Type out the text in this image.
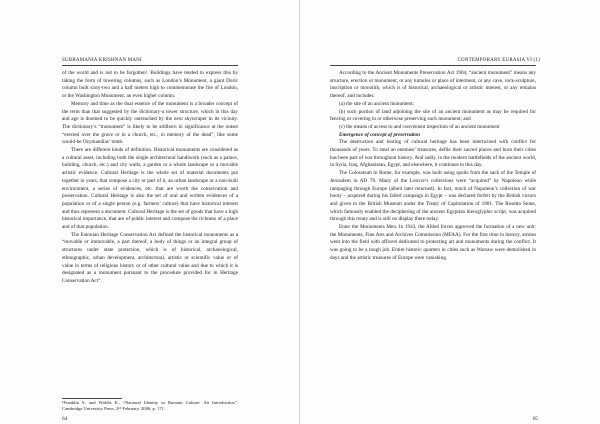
SUBRAMANIA KRISHNAN MANI

of the world and is not to be forgotten¹. Buildings have tended to express this by taking the form of towering columns, such as London’s Monument, a giant Doric column built sixty-two and a half meters high to commemorate the fire of London, or the Washington Monument, an even higher column.

Memory and time as the dual essence of the monument is a broader concept of the term than that suggested by the dictionary-a tower structure, which in this day and age is doomed to be quickly outreached by the next skyscraper in its vicinity. The dictionary’s “monument” is likely to be stillborn in significance at the outset “erected over the grave or in a church, etc., in memory of the dead”, like some would-be Ozymandias’ tomb.

There are different kinds of definition. Historical monuments are considered as a cultural asset, including both the single architectural handiwork (such as a palace, building, church, etc.) and city walls, a garden or a whole landscape or a movable artistic evidence. Cultural Heritage is the whole set of material documents put together in years, that compose a city or part of it, an urban landscape or a non-built environment, a series of evidences, etc. that are worth the conservation and preservation. Cultural Heritage is also the set of oral and written evidences of a population or of a single person (e.g. farmers’ culture) that have historical interest and thus represent a document. Cultural Heritage is the set of goods that have a high historical importance, that are of public interest and compose the richness of a place and of that population.

The Estonian Heritage Conservation Act defined the historical monuments as a “movable or immovable, a part thereof, a body of things or an integral group of structures under state protection, which is of historical, archaeological, ethnographic, urban development, architectural, artistic or scientific value or of value in terms of religious history or of other cultural value and due to which it is designated as a monument pursuant to the procedure provided for in Heritage Conservation Act”.

¹Franklin S. and Widdis E., “National Identity in Russian Culture. An Introduction”, Cambridge University Press, 2ⁿᵈ February, 2006, p. 171.
64
CONTEMPORARY EURASIA VI (1)

According to the Ancient Monuments Preservation Act 1904, “ancient monument” means any structure, erection or monument, or any tumulus or place of interment, or any cave, rock-sculpture, inscription or monolith, which is of historical, archaeological or artistic interest, or any remains thereof, and includes:

(a) the site of an ancient monument;

(b) such portion of land adjoining the site of an ancient monument as may be required for fencing or covering in or otherwise preserving such monument; and

(c) the means of access to and convenient inspection of an ancient monument

Emergence of concept of preservation

The destruction and looting of cultural heritage has been intertwined with conflict for thousands of years. To steal an enemies’ treasures, defile their sacred places and burn their cities has been part of war throughout history. And sadly, in the modern battlefields of the ancient world, in Syria, Iraq, Afghanistan, Egypt, and elsewhere, it continues to this day.

The Colosseum in Rome, for example, was built using spoils from the sack of the Temple of Jerusalem in AD 70. Many of the Louvre’s collections were “acquired” by Napoleon while rampaging through Europe (albeit later returned). In fact, much of Napoleon’s collection of war booty – acquired during his failed campaign in Egypt – was declared forfeit by the British victors and given to the British Museum under the Treaty of Capitulation of 1801. The Rosetta Stone, which famously enabled the deciphering of the ancient Egyptian hieroglyphic script, was acquired through this treaty and is still on display there today.

Enter the Monuments Men. In 1943, the Allied forces approved the formation of a new unit: the Monuments, Fine Arts and Archives Commission (MFAA). For the first time in history, armies went into the field with officers dedicated to protecting art and monuments during the conflict. It was going to be a tough job. Entire historic quarters in cities such as Warsaw were demolished in days and the artistic treasures of Europe were vanishing.

65
